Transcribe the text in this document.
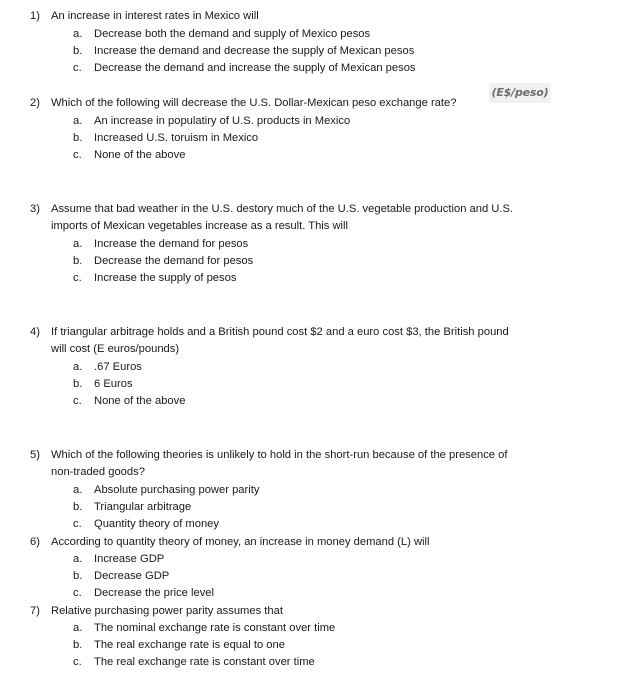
1) An increase in interest rates in Mexico will
a. Decrease both the demand and supply of Mexico pesos
b. Increase the demand and decrease the supply of Mexican pesos
c. Decrease the demand and increase the supply of Mexican pesos
2) Which of the following will decrease the U.S. Dollar-Mexican peso exchange rate?
(E$/peso)
a. An increase in populatiry of U.S. products in Mexico
b. Increased U.S. toruism in Mexico
c. None of the above
3) Assume that bad weather in the U.S. destory much of the U.S. vegetable production and U.S.
imports of Mexican vegetables increase as a result. This will
a. Increase the demand for pesos
b. Decrease the demand for pesos
c. Increase the supply of pesos
4) If triangular arbitrage holds and a British pound cost $2 and a euro cost $3, the British pound
will cost (E euros/pounds)
a. .67 Euros
b. 6 Euros
c. None of the above
5) Which of the following theories is unlikely to hold in the short-run because of the presence of
non-traded goods?
a. Absolute purchasing power parity
b. Triangular arbitrage
c. Quantity theory of money
6) According to quantity theory of money, an increase in money demand (L) will
a. Increase GDP
b. Decrease GDP
c. Decrease the price level
7) Relative purchasing power parity assumes that
a. The nominal exchange rate is constant over time
b. The real exchange rate is equal to one
c. The real exchange rate is constant over time
